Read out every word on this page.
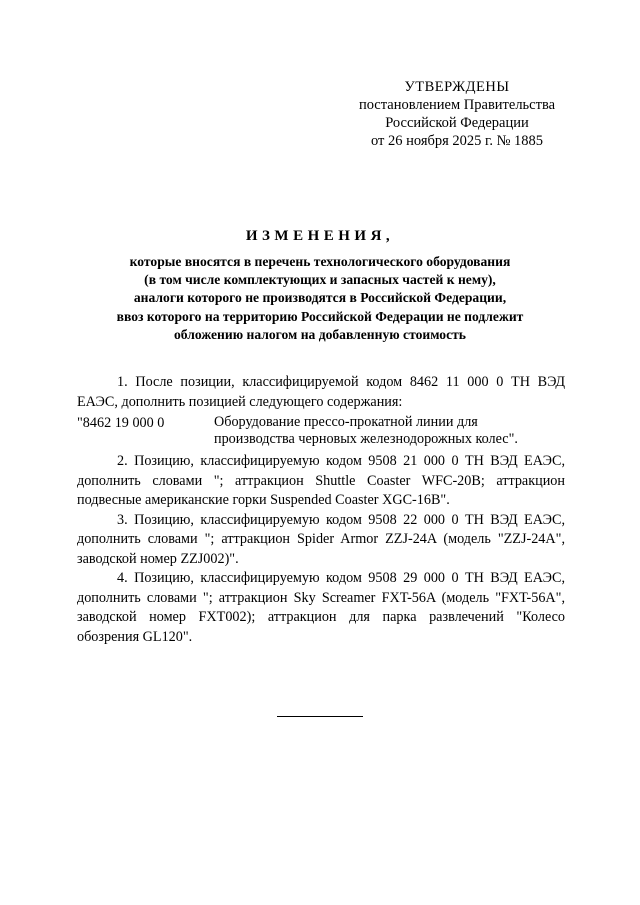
УТВЕРЖДЕНЫ
постановлением Правительства
Российской Федерации
от 26 ноября 2025 г. № 1885
ИЗМЕНЕНИЯ,
которые вносятся в перечень технологического оборудования
(в том числе комплектующих и запасных частей к нему),
аналоги которого не производятся в Российской Федерации,
ввоз которого на территорию Российской Федерации не подлежит
обложению налогом на добавленную стоимость

1. После позиции, классифицируемой кодом 8462 11 000 0 ТН ВЭД ЕАЭС, дополнить позицией следующего содержания:

"8462 19 000 0	Оборудование прессо-прокатной линии для производства черновых железнодорожных колес".

2. Позицию, классифицируемую кодом 9508 21 000 0 ТН ВЭД ЕАЭС, дополнить словами "; аттракцион Shuttle Coaster WFC-20B; аттракцион подвесные американские горки Suspended Coaster XGC-16B".

3. Позицию, классифицируемую кодом 9508 22 000 0 ТН ВЭД ЕАЭС, дополнить словами "; аттракцион Spider Armor ZZJ-24A (модель "ZZJ-24A", заводской номер ZZJ002)".

4. Позицию, классифицируемую кодом 9508 29 000 0 ТН ВЭД ЕАЭС, дополнить словами "; аттракцион Sky Screamer FXT-56A (модель "FXT-56A", заводской номер FXT002); аттракцион для парка развлечений "Колесо обозрения GL120".
